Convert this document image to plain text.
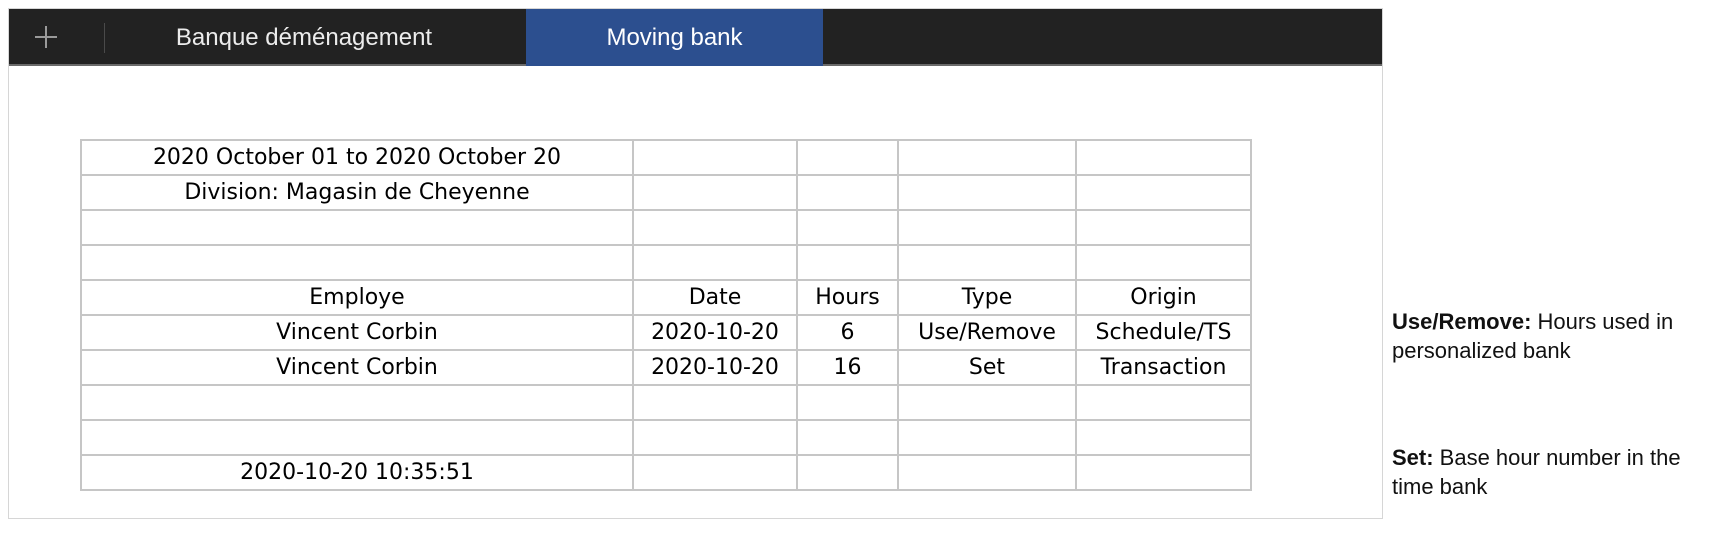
Banque déménagement	Moving bank
2020 October 01 to 2020 October 20				
Division: Magasin de Cheyenne				

Employe	Date	Hours	Type	Origin
Vincent Corbin	2020-10-20	6	Use/Remove	Schedule/TS
Vincent Corbin	2020-10-20	16	Set	Transaction

2020-10-20 10:35:51				
Use/Remove: Hours used in personalized bank
Set: Base hour number in the time bank
